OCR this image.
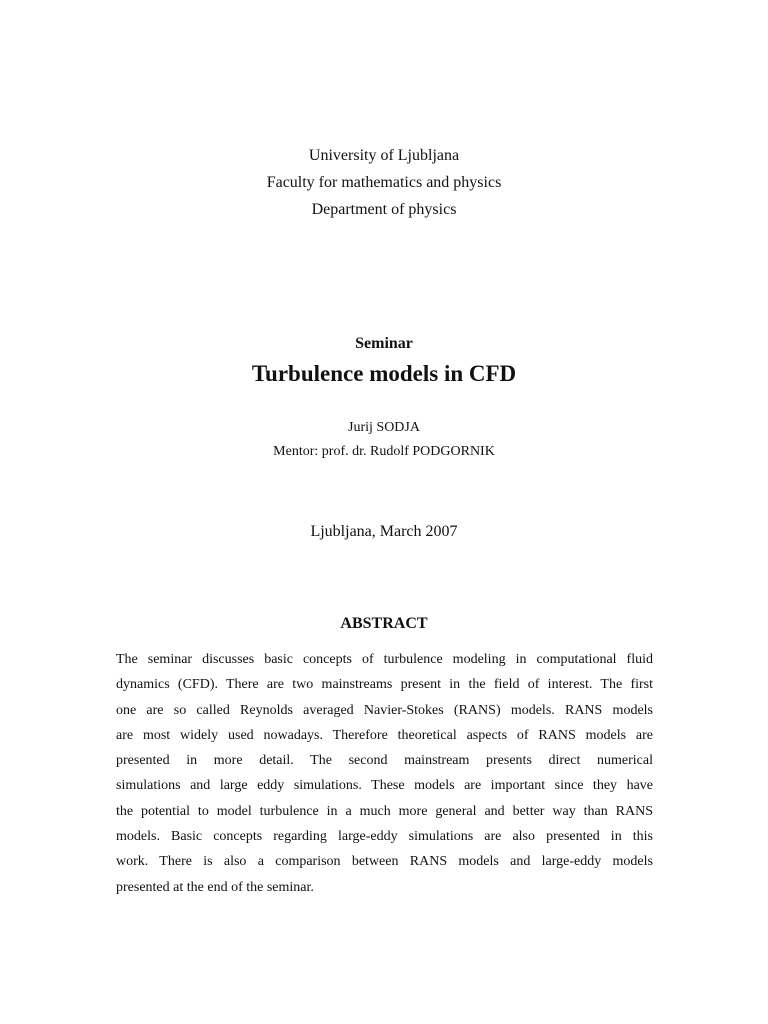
University of Ljubljana
Faculty for mathematics and physics
Department of physics
Seminar
Turbulence models in CFD
Jurij SODJA
Mentor: prof. dr. Rudolf PODGORNIK
Ljubljana, March 2007
ABSTRACT
The seminar discusses basic concepts of turbulence modeling in computational fluid
dynamics (CFD). There are two mainstreams present in the field of interest. The first
one are so called Reynolds averaged Navier-Stokes (RANS) models. RANS models
are most widely used nowadays. Therefore theoretical aspects of RANS models are
presented in more detail. The second mainstream presents direct numerical
simulations and large eddy simulations. These models are important since they have
the potential to model turbulence in a much more general and better way than RANS
models. Basic concepts regarding large-eddy simulations are also presented in this
work. There is also a comparison between RANS models and large-eddy models
presented at the end of the seminar.
